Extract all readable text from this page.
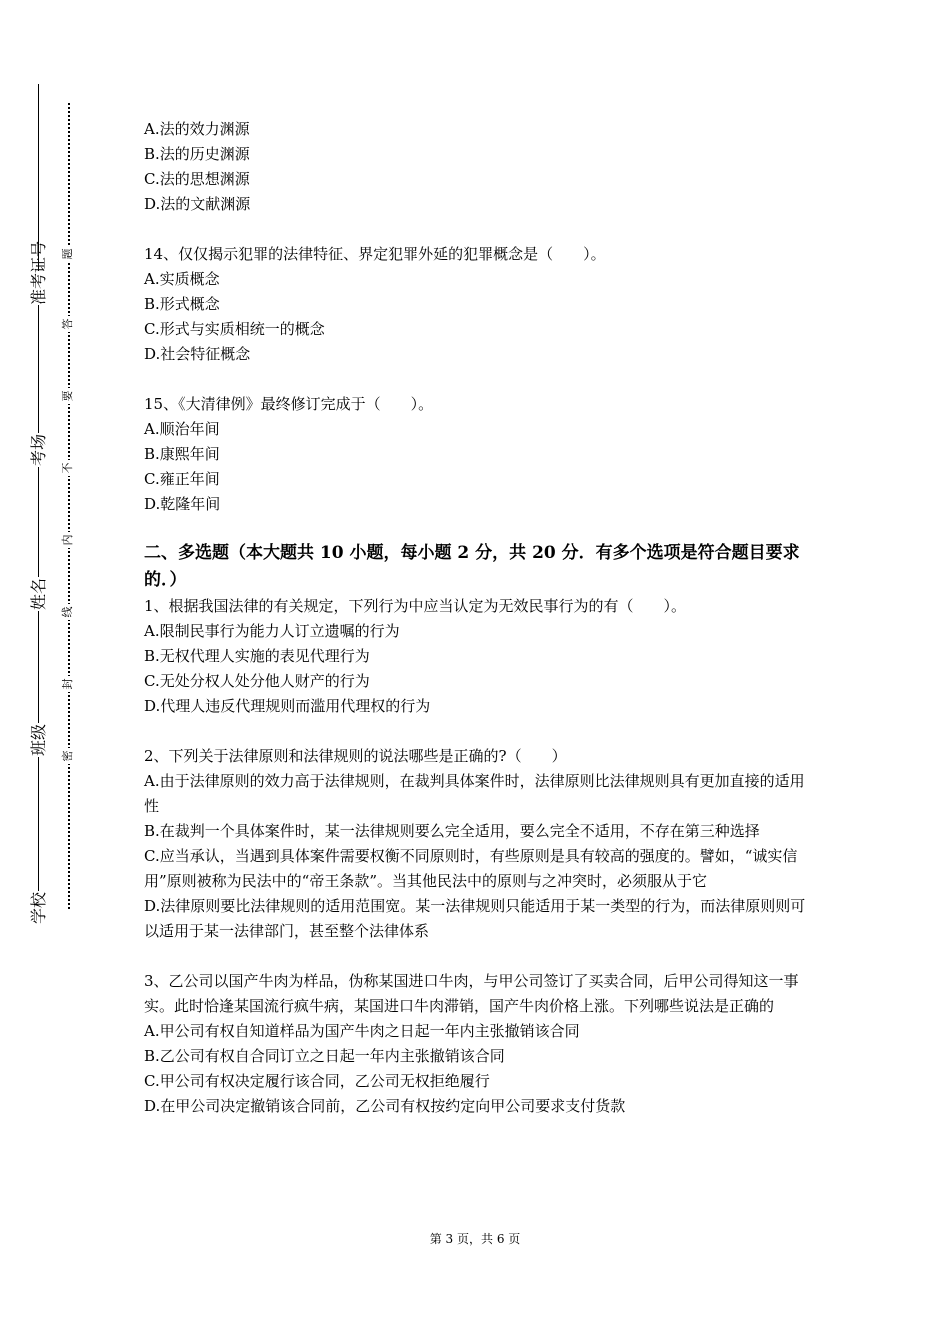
准考证号
考场
姓名
班级
学校
题
答
要
不
内
线
封
密

A.法的效力渊源

B.法的历史渊源

C.法的思想渊源

D.法的文献渊源

14、仅仅揭示犯罪的法律特征、界定犯罪外延的犯罪概念是（　　）。

A.实质概念

B.形式概念

C.形式与实质相统一的概念

D.社会特征概念

15、《大清律例》最终修订完成于（　　）。

A.顺治年间

B.康熙年间

C.雍正年间

D.乾隆年间

二、多选题（本大题共 10 小题，每小题 2 分，共 20 分．有多个选项是符合题目要求的．）

1、根据我国法律的有关规定，下列行为中应当认定为无效民事行为的有（　　）。

A.限制民事行为能力人订立遗嘱的行为

B.无权代理人实施的表见代理行为

C.无处分权人处分他人财产的行为

D.代理人违反代理规则而滥用代理权的行为

2、下列关于法律原则和法律规则的说法哪些是正确的?（　　）

A.由于法律原则的效力高于法律规则，在裁判具体案件时，法律原则比法律规则具有更加直接的适用性

B.在裁判一个具体案件时，某一法律规则要么完全适用，要么完全不适用，不存在第三种选择

C.应当承认，当遇到具体案件需要权衡不同原则时，有些原则是具有较高的强度的。譬如，“诚实信用”原则被称为民法中的“帝王条款”。当其他民法中的原则与之冲突时，必须服从于它

D.法律原则要比法律规则的适用范围宽。某一法律规则只能适用于某一类型的行为，而法律原则则可以适用于某一法律部门，甚至整个法律体系

3、乙公司以国产牛肉为样品，伪称某国进口牛肉，与甲公司签订了买卖合同，后甲公司得知这一事实。此时恰逢某国流行疯牛病，某国进口牛肉滞销，国产牛肉价格上涨。下列哪些说法是正确的

A.甲公司有权自知道样品为国产牛肉之日起一年内主张撤销该合同

B.乙公司有权自合同订立之日起一年内主张撤销该合同

C.甲公司有权决定履行该合同，乙公司无权拒绝履行

D.在甲公司决定撤销该合同前，乙公司有权按约定向甲公司要求支付货款

第 3 页，共 6 页
